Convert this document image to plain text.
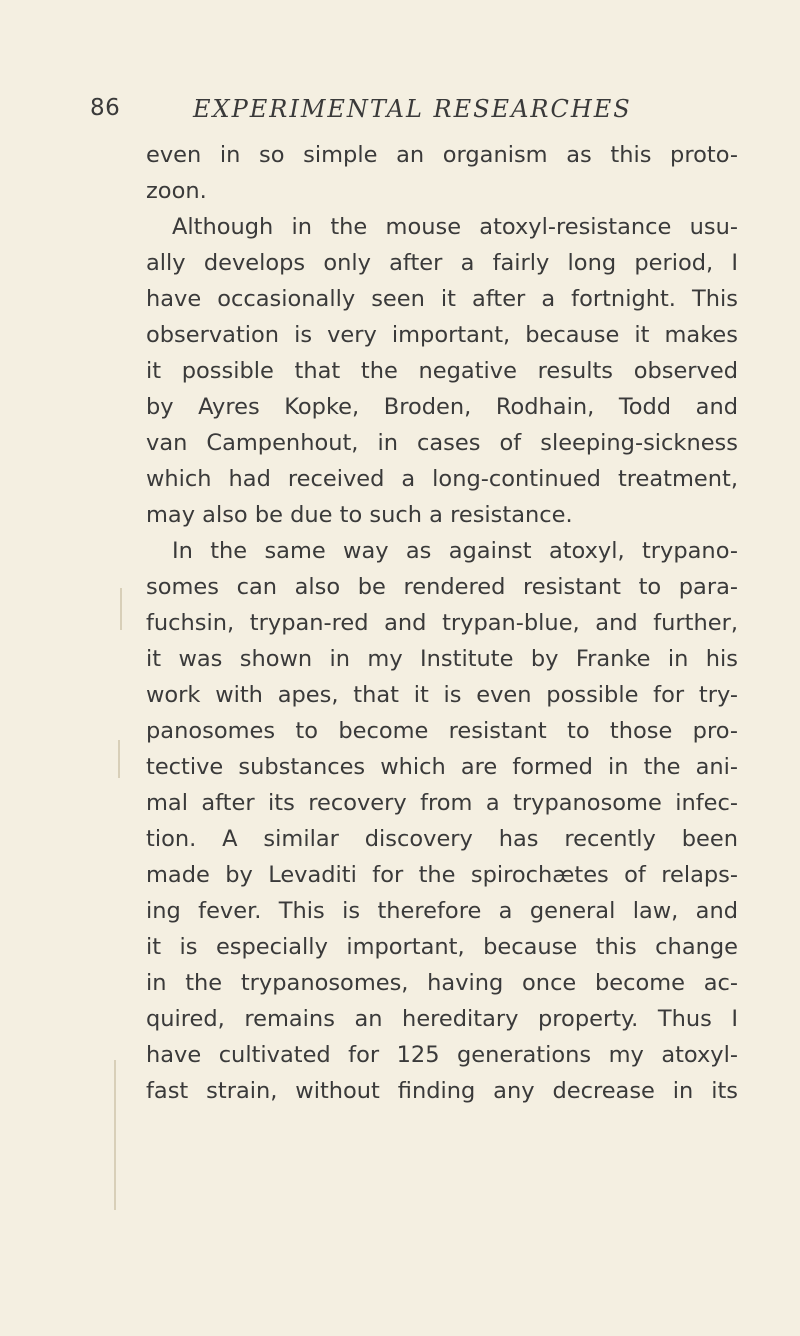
86	EXPERIMENTAL RESEARCHES
even in so simple an organism as this proto-
zoon.
Although in the mouse atoxyl-resistance usu-
ally develops only after a fairly long period, I
have occasionally seen it after a fortnight. This
observation is very important, because it makes
it possible that the negative results observed
by Ayres Kopke, Broden, Rodhain, Todd and
van Campenhout, in cases of sleeping-sickness
which had received a long-continued treatment,
may also be due to such a resistance.
In the same way as against atoxyl, trypano-
somes can also be rendered resistant to para-
fuchsin, trypan-red and trypan-blue, and further,
it was shown in my Institute by Franke in his
work with apes, that it is even possible for try-
panosomes to become resistant to those pro-
tective substances which are formed in the ani-
mal after its recovery from a trypanosome infec-
tion. A similar discovery has recently been
made by Levaditi for the spirochætes of relaps-
ing fever. This is therefore a general law, and
it is especially important, because this change
in the trypanosomes, having once become ac-
quired, remains an hereditary property. Thus I
have cultivated for 125 generations my atoxyl-
fast strain, without finding any decrease in its
